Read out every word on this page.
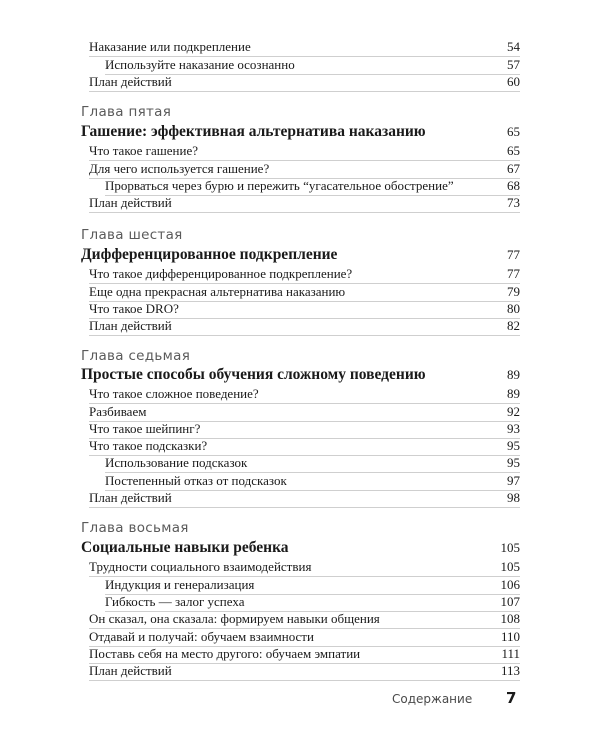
Наказание или подкрепление	54
Используйте наказание осознанно	57
План действий	60
Глава пятая
Гашение: эффективная альтернатива наказанию	65
Что такое гашение?	65
Для чего используется гашение?	67
Прорваться через бурю и пережить “угасательное обострение”	68
План действий	73
Глава шестая
Дифференцированное подкрепление	77
Что такое дифференцированное подкрепление?	77
Еще одна прекрасная альтернатива наказанию	79
Что такое DRO?	80
План действий	82
Глава седьмая
Простые способы обучения сложному поведению	89
Что такое сложное поведение?	89
Разбиваем	92
Что такое шейпинг?	93
Что такое подсказки?	95
Использование подсказок	95
Постепенный отказ от подсказок	97
План действий	98
Глава восьмая
Социальные навыки ребенка	105
Трудности социального взаимодействия	105
Индукция и генерализация	106
Гибкость — залог успеха	107
Он сказал, она сказала: формируем навыки общения	108
Отдавай и получай: обучаем взаимности	110
Поставь себя на место другого: обучаем эмпатии	111
План действий	113
Содержание 7
